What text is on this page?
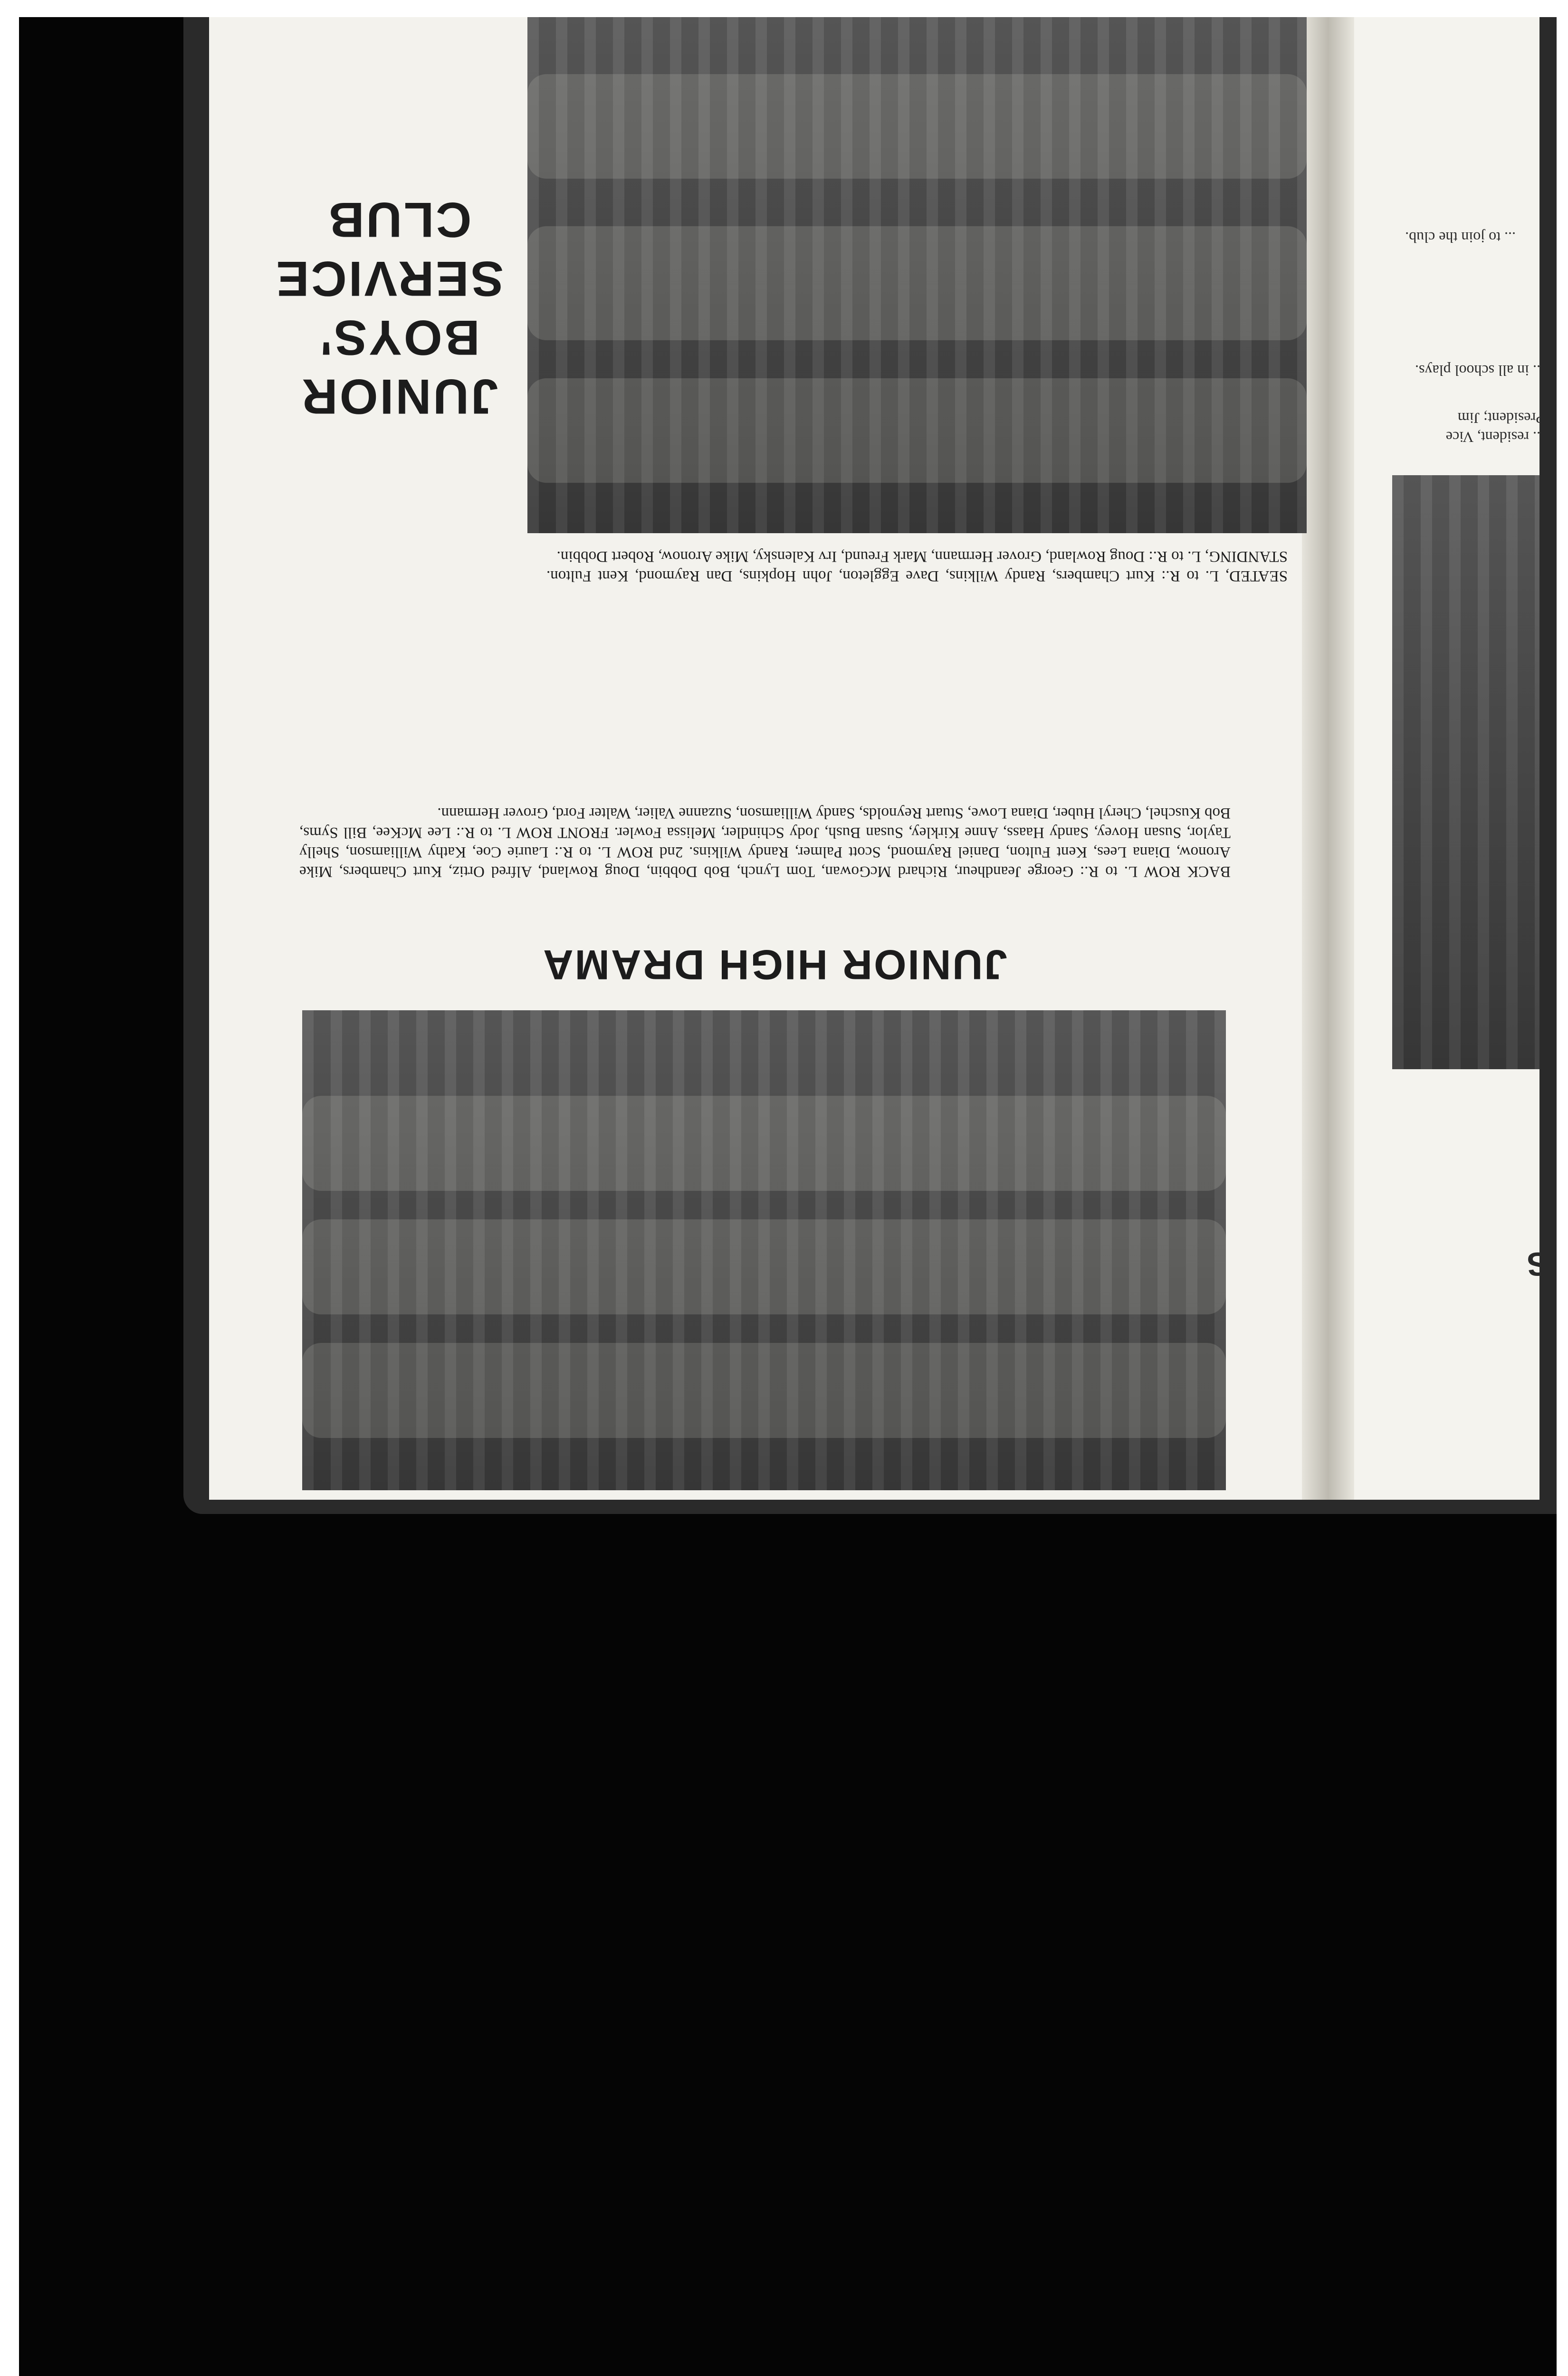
JUNIOR
BOYS'
SERVICE
CLUB
SEATED, L. to R.: Kurt Chambers, Randy Wilkins, Dave Eggleton, John Hopkins, Dan Raymond, Kent Fulton. STANDING, L. to R.: Doug Rowland, Grover Hermann, Mark Freund, Irv Kalensky, Mike Aronow, Robert Dobbin.
JUNIOR HIGH DRAMA
BACK ROW L. to R.: George Jeandheur, Richard McGowan, Tom Lynch, Bob Dobbin, Doug Rowland, Alfred Ortiz, Kurt Chambers, Mike Aronow, Diana Lees, Kent Fulton, Daniel Raymond, Scott Palmer, Randy Wilkins. 2nd ROW L. to R.: Laurie Coe, Kathy Williamson, Shelly Taylor, Susan Hovey, Sandy Haass, Anne Kirkley, Susan Bush, Jody Schindler, Melissa Fowler. FRONT ROW L. to R.: Lee McKee, Bill Syms, Bob Kuschel, Cheryl Huber, Diana Lowe, Stuart Reynolds, Sandy Williamson, Suzanne Valier, Walter Ford, Grover Hermann.
... to join the club.
... in all school plays.
... resident, Vice President; Jim
S
